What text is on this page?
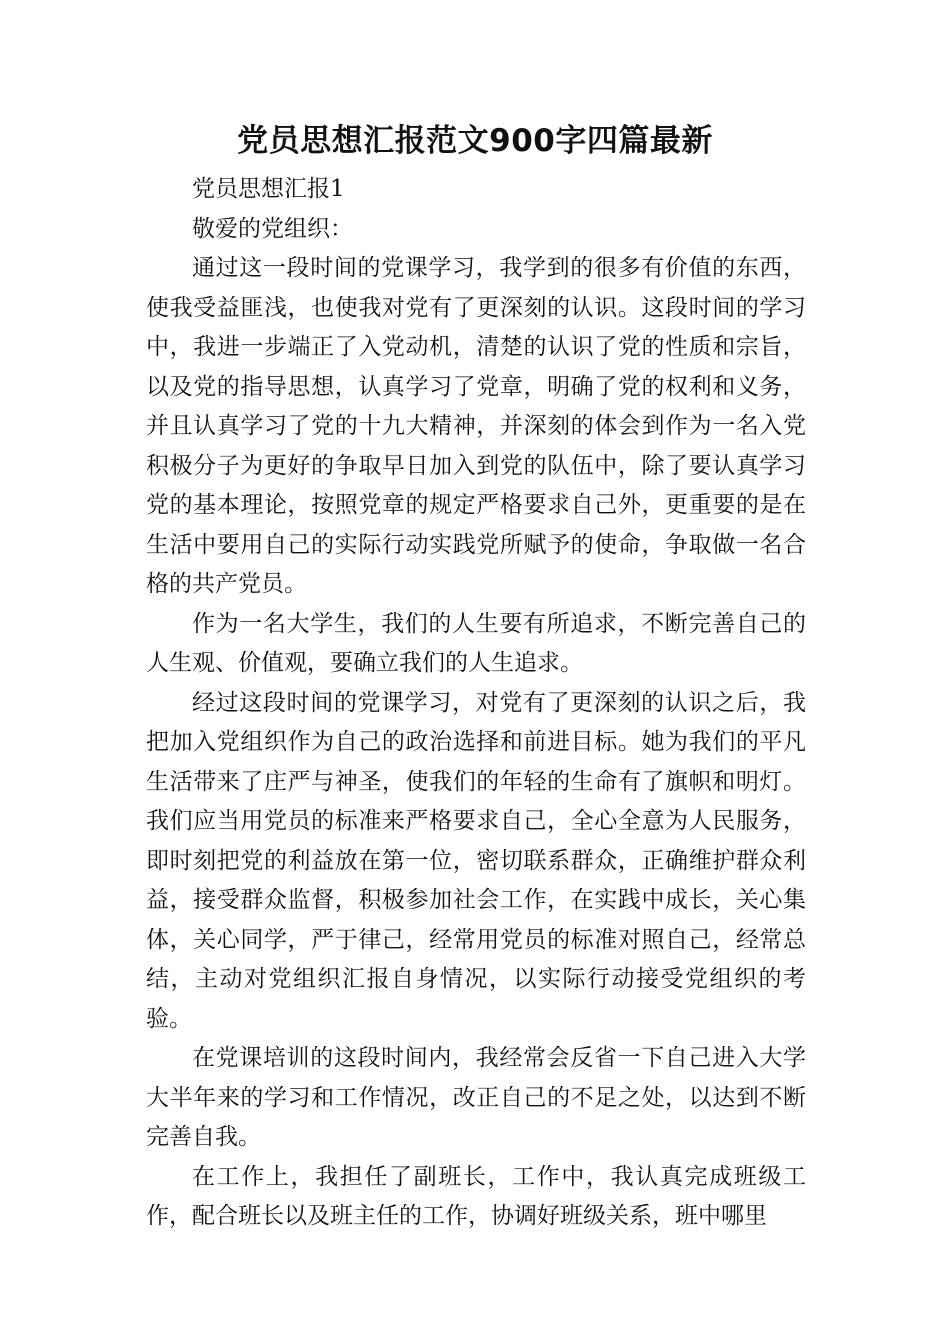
党员思想汇报范文900字四篇最新

党员思想汇报1

敬爱的党组织：

通过这一段时间的党课学习，我学到的很多有价值的东西，使我受益匪浅，也使我对党有了更深刻的认识。这段时间的学习中，我进一步端正了入党动机，清楚的认识了党的性质和宗旨，以及党的指导思想，认真学习了党章，明确了党的权利和义务，并且认真学习了党的十九大精神，并深刻的体会到作为一名入党积极分子为更好的争取早日加入到党的队伍中，除了要认真学习党的基本理论，按照党章的规定严格要求自己外，更重要的是在生活中要用自己的实际行动实践党所赋予的使命，争取做一名合格的共产党员。

作为一名大学生，我们的人生要有所追求，不断完善自己的人生观、价值观，要确立我们的人生追求。

经过这段时间的党课学习，对党有了更深刻的认识之后，我把加入党组织作为自己的政治选择和前进目标。她为我们的平凡生活带来了庄严与神圣，使我们的年轻的生命有了旗帜和明灯。我们应当用党员的标准来严格要求自己，全心全意为人民服务，即时刻把党的利益放在第一位，密切联系群众，正确维护群众利益，接受群众监督，积极参加社会工作，在实践中成长，关心集体，关心同学，严于律己，经常用党员的标准对照自己，经常总结，主动对党组织汇报自身情况，以实际行动接受党组织的考验。

在党课培训的这段时间内，我经常会反省一下自己进入大学大半年来的学习和工作情况，改正自己的不足之处，以达到不断完善自我。

在工作上，我担任了副班长，工作中，我认真完成班级工作，配合班长以及班主任的工作，协调好班级关系，班中哪里
